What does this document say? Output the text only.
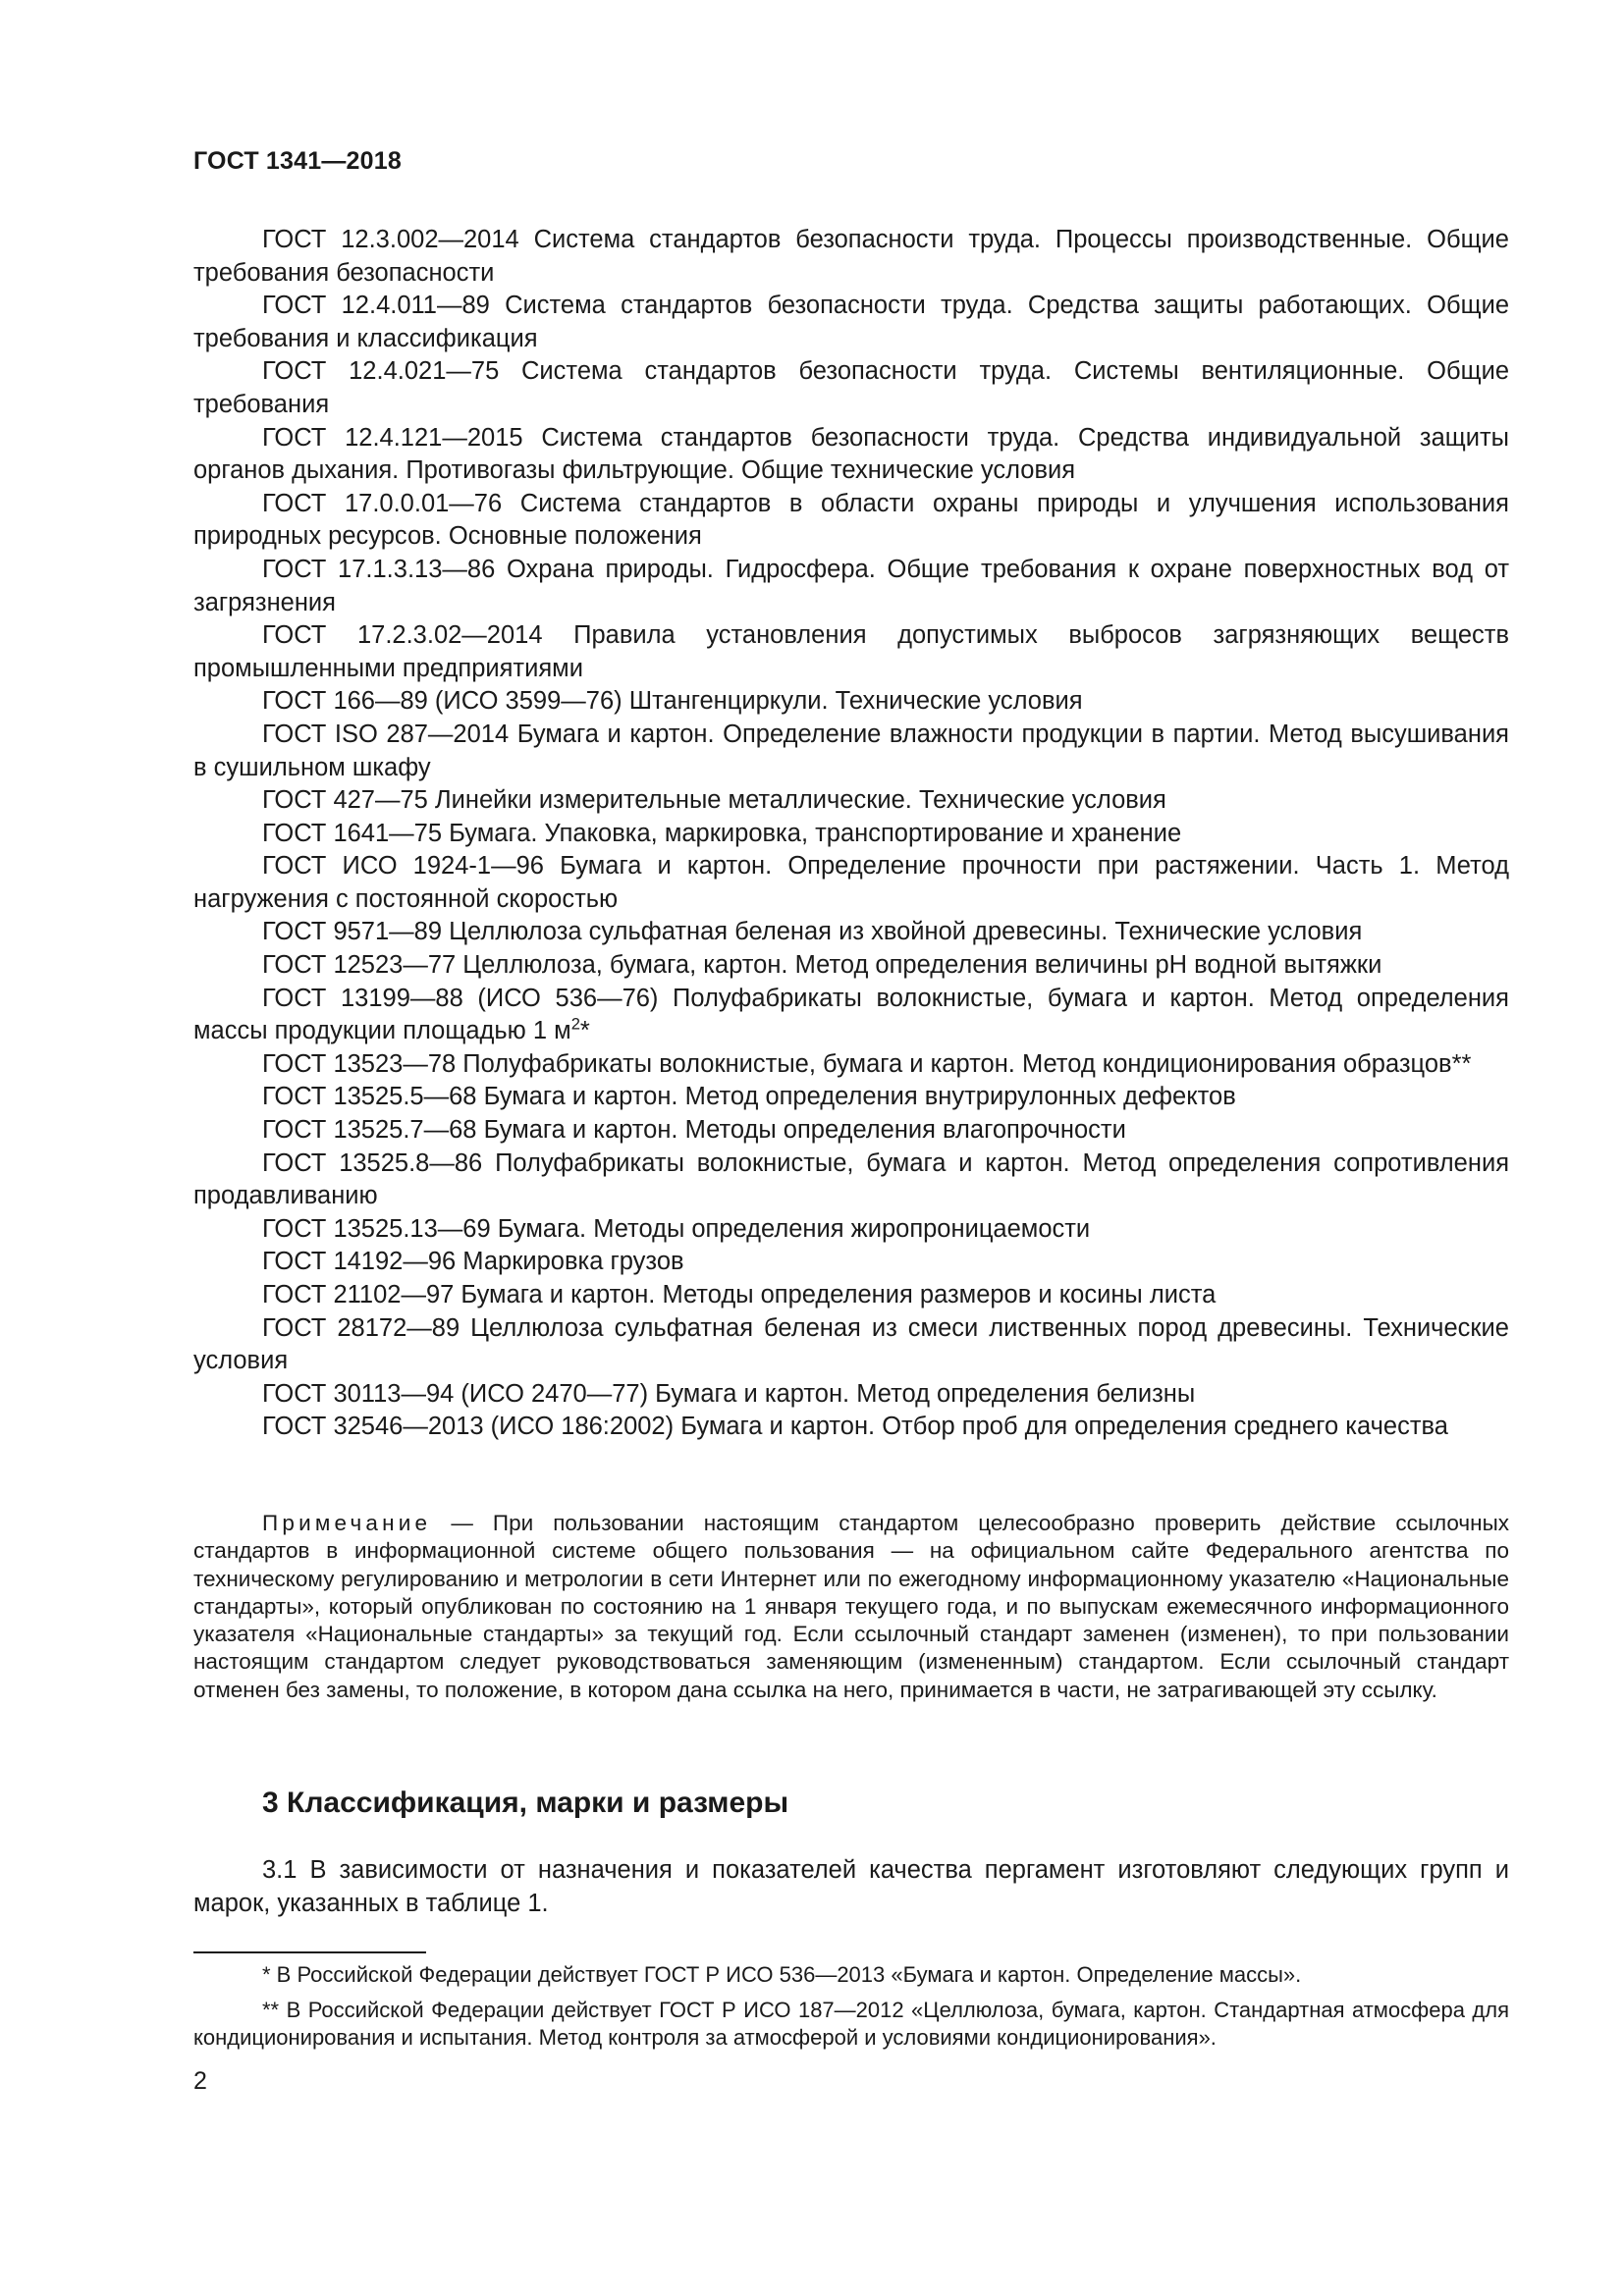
ГОСТ 1341—2018
ГОСТ 12.3.002—2014 Система стандартов безопасности труда. Процессы производственные. Общие требования безопасности
ГОСТ 12.4.011—89 Система стандартов безопасности труда. Средства защиты работающих. Общие требования и классификация
ГОСТ 12.4.021—75 Система стандартов безопасности труда. Системы вентиляционные. Общие требования
ГОСТ 12.4.121—2015 Система стандартов безопасности труда. Средства индивидуальной защиты органов дыхания. Противогазы фильтрующие. Общие технические условия
ГОСТ 17.0.0.01—76 Система стандартов в области охраны природы и улучшения использования природных ресурсов. Основные положения
ГОСТ 17.1.3.13—86 Охрана природы. Гидросфера. Общие требования к охране поверхностных вод от загрязнения
ГОСТ 17.2.3.02—2014 Правила установления допустимых выбросов загрязняющих веществ промышленными предприятиями
ГОСТ 166—89 (ИСО 3599—76) Штангенциркули. Технические условия
ГОСТ ISO 287—2014 Бумага и картон. Определение влажности продукции в партии. Метод высушивания в сушильном шкафу
ГОСТ 427—75 Линейки измерительные металлические. Технические условия
ГОСТ 1641—75 Бумага. Упаковка, маркировка, транспортирование и хранение
ГОСТ ИСО 1924-1—96 Бумага и картон. Определение прочности при растяжении. Часть 1. Метод нагружения с постоянной скоростью
ГОСТ 9571—89 Целлюлоза сульфатная беленая из хвойной древесины. Технические условия
ГОСТ 12523—77 Целлюлоза, бумага, картон. Метод определения величины pH водной вытяжки
ГОСТ 13199—88 (ИСО 536—76) Полуфабрикаты волокнистые, бумага и картон. Метод определения массы продукции площадью 1 $м^2*$
ГОСТ 13523—78 Полуфабрикаты волокнистые, бумага и картон. Метод кондиционирования образцов**
ГОСТ 13525.5—68 Бумага и картон. Метод определения внутрирулонных дефектов
ГОСТ 13525.7—68 Бумага и картон. Методы определения влагопрочности
ГОСТ 13525.8—86 Полуфабрикаты волокнистые, бумага и картон. Метод определения сопротивления продавливанию
ГОСТ 13525.13—69 Бумага. Методы определения жиропроницаемости
ГОСТ 14192—96 Маркировка грузов
ГОСТ 21102—97 Бумага и картон. Методы определения размеров и косины листа
ГОСТ 28172—89 Целлюлоза сульфатная беленая из смеси лиственных пород древесины. Технические условия
ГОСТ 30113—94 (ИСО 2470—77) Бумага и картон. Метод определения белизны
ГОСТ 32546—2013 (ИСО 186:2002) Бумага и картон. Отбор проб для определения среднего качества
Примечание — При пользовании настоящим стандартом целесообразно проверить действие ссылочных стандартов в информационной системе общего пользования — на официальном сайте Федерального агентства по техническому регулированию и метрологии в сети Интернет или по ежегодному информационному указателю «Национальные стандарты», который опубликован по состоянию на 1 января текущего года, и по выпускам ежемесячного информационного указателя «Национальные стандарты» за текущий год. Если ссылочный стандарт заменен (изменен), то при пользовании настоящим стандартом следует руководствоваться заменяющим (измененным) стандартом. Если ссылочный стандарт отменен без замены, то положение, в котором дана ссылка на него, принимается в части, не затрагивающей эту ссылку.
3 Классификация, марки и размеры
3.1 В зависимости от назначения и показателей качества пергамент изготовляют следующих групп и марок, указанных в таблице 1.
* В Российской Федерации действует ГОСТ Р ИСО 536—2013 «Бумага и картон. Определение массы».
** В Российской Федерации действует ГОСТ Р ИСО 187—2012 «Целлюлоза, бумага, картон. Стандартная атмосфера для кондиционирования и испытания. Метод контроля за атмосферой и условиями кондиционирования».
2
